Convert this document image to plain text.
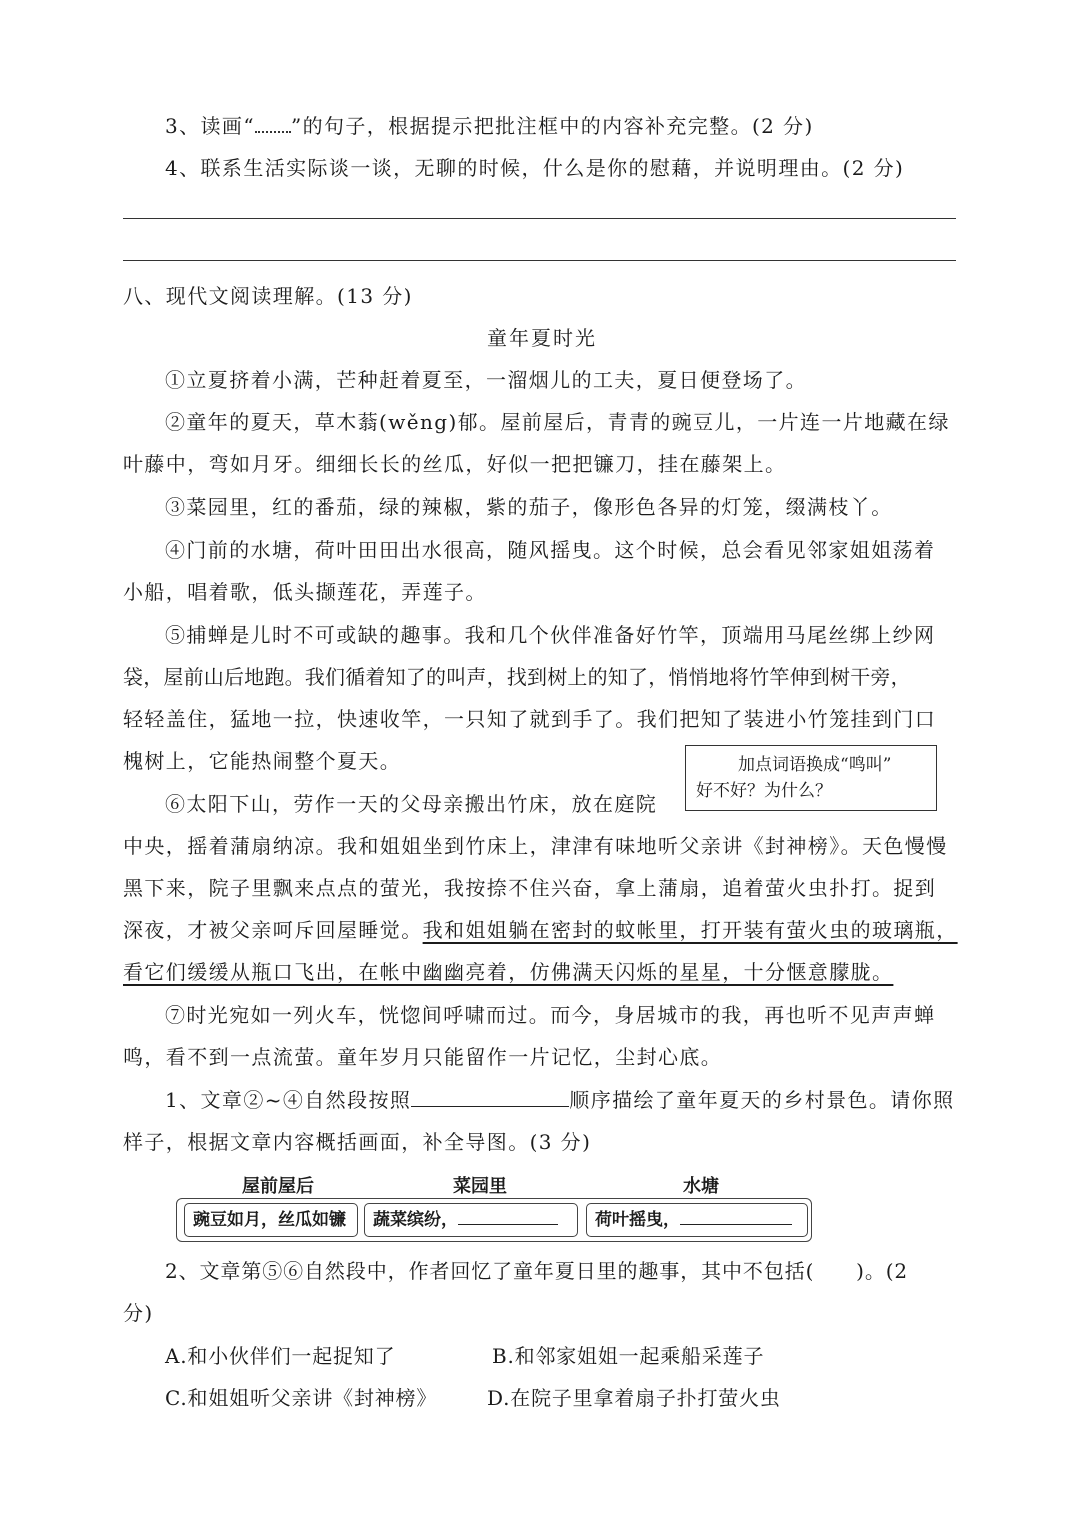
3、读画“ ”的句子，根据提示把批注框中的内容补充完整。(2 分)
4、联系生活实际谈一谈，无聊的时候，什么是你的慰藉，并说明理由。(2 分)
八、现代文阅读理解。(13 分)
童年夏时光
①立夏挤着小满，芒种赶着夏至，一溜烟儿的工夫，夏日便登场了。
②童年的夏天，草木蓊(wěng)郁。屋前屋后，青青的豌豆儿，一片连一片地藏在绿
叶藤中，弯如月牙。细细长长的丝瓜，好似一把把镰刀，挂在藤架上。
③菜园里，红的番茄，绿的辣椒，紫的茄子，像形色各异的灯笼，缀满枝丫。
④门前的水塘，荷叶田田出水很高，随风摇曳。这个时候，总会看见邻家姐姐荡着
小船，唱着歌，低头撷莲花，弄莲子。
⑤捕蝉是儿时不可或缺的趣事。我和几个伙伴准备好竹竿，顶端用马尾丝绑上纱网
袋，屋前山后地跑。我们循着知了的叫声，找到树上的知了，悄悄地将竹竿伸到树干旁，
轻轻盖住，猛地一拉，快速收竿，一只知了就到手了。我们把知了装进小竹笼挂到门口
槐树上，它能热闹整个夏天。	加点词语换成“鸣叫”
好不好？为什么？
⑥太阳下山，劳作一天的父母亲搬出竹床，放在庭院
中央，摇着蒲扇纳凉。我和姐姐坐到竹床上，津津有味地听父亲讲《封神榜》。天色慢慢
黑下来，院子里飘来点点的萤光，我按捺不住兴奋，拿上蒲扇，追着萤火虫扑打。捉到
深夜，才被父亲呵斥回屋睡觉。我和姐姐躺在密封的蚊帐里，打开装有萤火虫的玻璃瓶，
看它们缓缓从瓶口飞出，在帐中幽幽亮着，仿佛满天闪烁的星星，十分惬意朦胧。
⑦时光宛如一列火车，恍惚间呼啸而过。而今，身居城市的我，再也听不见声声蝉
鸣，看不到一点流萤。童年岁月只能留作一片记忆，尘封心底。
1、文章②~④自然段按照	顺序描绘了童年夏天的乡村景色。请你照
样子，根据文章内容概括画面，补全导图。(3 分)
屋前屋后	菜园里	水塘
豌豆如月，丝瓜如镰	蔬菜缤纷，	荷叶摇曳，
2、文章第⑤⑥自然段中，作者回忆了童年夏日里的趣事，其中不包括(　　)。(2
分)
A.和小伙伴们一起捉知了	B.和邻家姐姐一起乘船采莲子
C.和姐姐听父亲讲《封神榜》 D.在院子里拿着扇子扑打萤火虫
